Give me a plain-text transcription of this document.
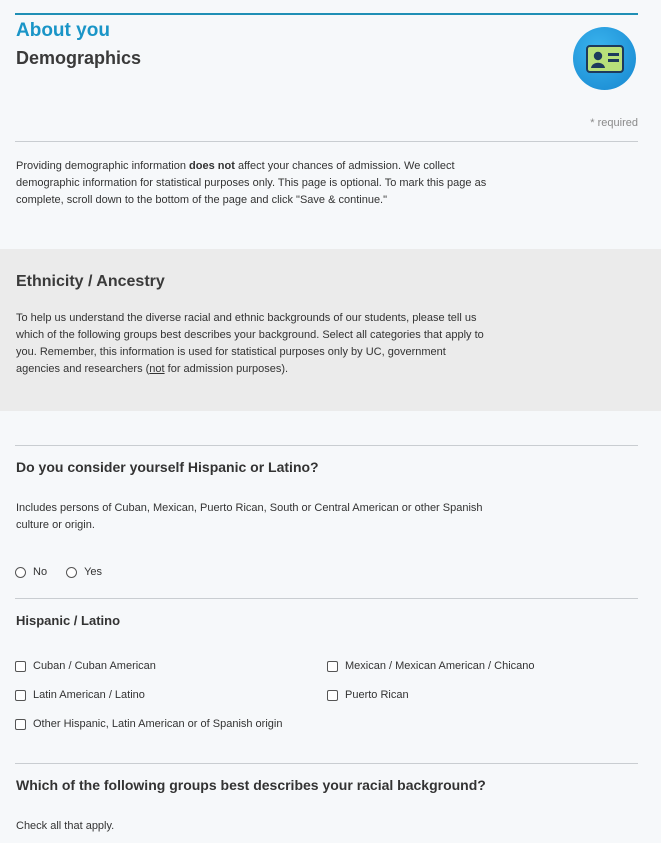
About you
Demographics
* required
Providing demographic information does not affect your chances of admission. We collect demographic information for statistical purposes only. This page is optional. To mark this page as complete, scroll down to the bottom of the page and click "Save & continue."
Ethnicity / Ancestry
To help us understand the diverse racial and ethnic backgrounds of our students, please tell us which of the following groups best describes your background. Select all categories that apply to you. Remember, this information is used for statistical purposes only by UC, government agencies and researchers (not for admission purposes).
Do you consider yourself Hispanic or Latino?
Includes persons of Cuban, Mexican, Puerto Rican, South or Central American or other Spanish culture or origin.
No	Yes
Hispanic / Latino
Cuban / Cuban American	Mexican / Mexican American / Chicano
Latin American / Latino	Puerto Rican
Other Hispanic, Latin American or of Spanish origin
Which of the following groups best describes your racial background?
Check all that apply.
